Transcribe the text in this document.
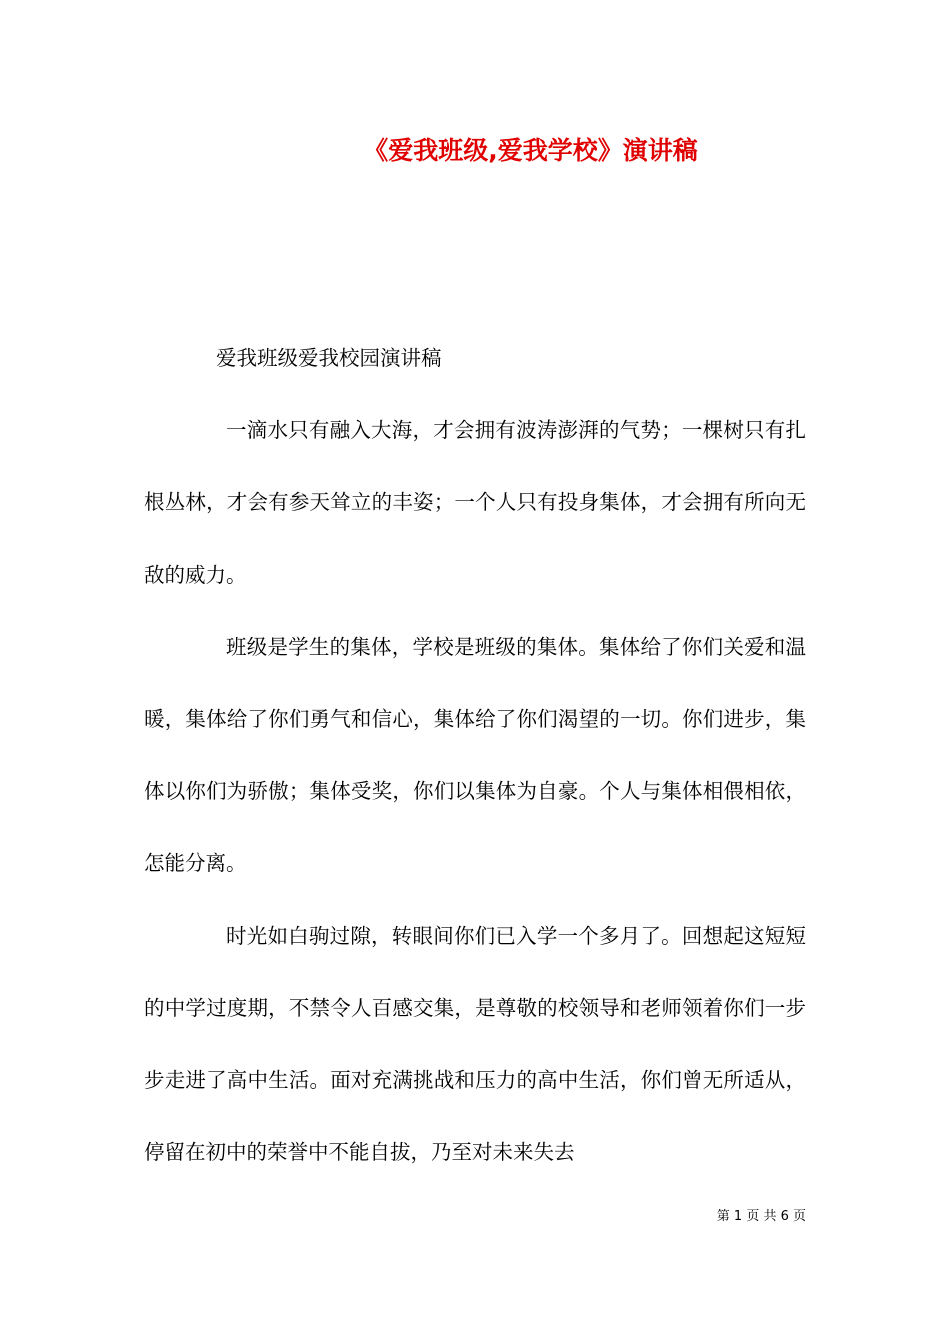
《爱我班级,爱我学校》演讲稿

爱我班级爱我校园演讲稿

一滴水只有融入大海，才会拥有波涛澎湃的气势；一棵树只有扎根丛林，才会有参天耸立的丰姿；一个人只有投身集体，才会拥有所向无敌的威力。

班级是学生的集体，学校是班级的集体。集体给了你们关爱和温暖，集体给了你们勇气和信心，集体给了你们渴望的一切。你们进步，集体以你们为骄傲；集体受奖，你们以集体为自豪。个人与集体相偎相依，怎能分离。

时光如白驹过隙，转眼间你们已入学一个多月了。回想起这短短的中学过度期，不禁令人百感交集，是尊敬的校领导和老师领着你们一步步走进了高中生活。面对充满挑战和压力的高中生活，你们曾无所适从，停留在初中的荣誉中不能自拔，乃至对未来失去

第 1 页 共 6 页
